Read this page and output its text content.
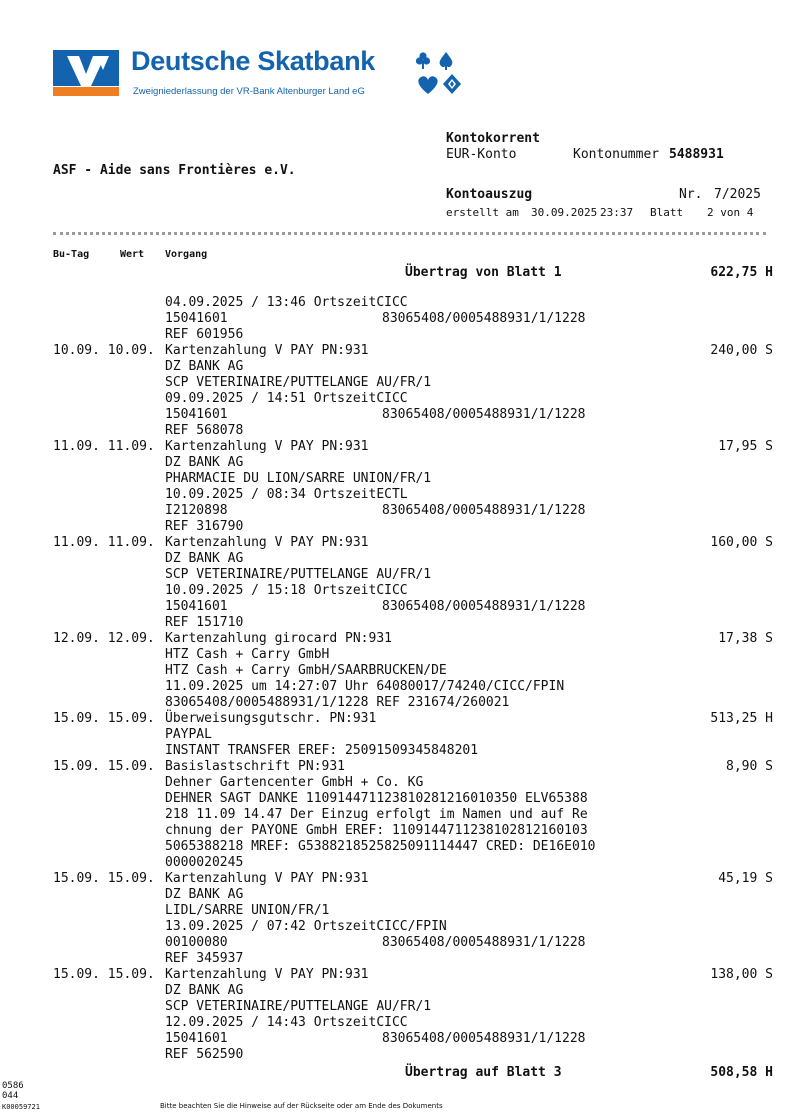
Deutsche Skatbank
Zweigniederlassung der VR-Bank Altenburger Land eG
Kontokorrent
EUR-Konto	Kontonummer 5488931
ASF - Aide sans Frontières e.V.
Kontoauszug	Nr. 7/2025
erstellt am 30.09.2025 23:37 Blatt 2 von 4
Bu-Tag	Wert Vorgang
Übertrag von Blatt 1	622,75 H
04.09.2025 / 13:46 OrtszeitCICC
15041601	83065408/0005488931/1/1228
REF 601956
10.09. 10.09. Kartenzahlung V PAY PN:931	240,00 S
DZ BANK AG
SCP VETERINAIRE/PUTTELANGE AU/FR/1
09.09.2025 / 14:51 OrtszeitCICC
15041601	83065408/0005488931/1/1228
REF 568078
11.09. 11.09. Kartenzahlung V PAY PN:931	17,95 S
DZ BANK AG
PHARMACIE DU LION/SARRE UNION/FR/1
10.09.2025 / 08:34 OrtszeitECTL
I2120898	83065408/0005488931/1/1228
REF 316790
11.09. 11.09. Kartenzahlung V PAY PN:931	160,00 S
DZ BANK AG
SCP VETERINAIRE/PUTTELANGE AU/FR/1
10.09.2025 / 15:18 OrtszeitCICC
15041601	83065408/0005488931/1/1228
REF 151710
12.09. 12.09. Kartenzahlung girocard PN:931	17,38 S
HTZ Cash + Carry GmbH
HTZ Cash + Carry GmbH/SAARBRUCKEN/DE
11.09.2025 um 14:27:07 Uhr 64080017/74240/CICC/FPIN
83065408/0005488931/1/1228 REF 231674/260021
15.09. 15.09. Überweisungsgutschr. PN:931	513,25 H
PAYPAL
INSTANT TRANSFER EREF: 25091509345848201
15.09. 15.09. Basislastschrift PN:931	8,90 S
Dehner Gartencenter GmbH + Co. KG
DEHNER SAGT DANKE 110914471123810281216010350 ELV65388
218 11.09 14.47 Der Einzug erfolgt im Namen und auf Re
chnung der PAYONE GmbH EREF: 110914471123810281216010З
5065388218 MREF: G5388218525825091114447 CRED: DE16E010
0000020245
15.09. 15.09. Kartenzahlung V PAY PN:931	45,19 S
DZ BANK AG
LIDL/SARRE UNION/FR/1
13.09.2025 / 07:42 OrtszeitCICC/FPIN
00100080	83065408/0005488931/1/1228
REF 345937
15.09. 15.09. Kartenzahlung V PAY PN:931	138,00 S
DZ BANK AG
SCP VETERINAIRE/PUTTELANGE AU/FR/1
12.09.2025 / 14:43 OrtszeitCICC
15041601	83065408/0005488931/1/1228
REF 562590
Übertrag auf Blatt 3	508,58 H
0586
044
K00059721	Bitte beachten Sie die Hinweise auf der Rückseite oder am Ende des Dokuments
